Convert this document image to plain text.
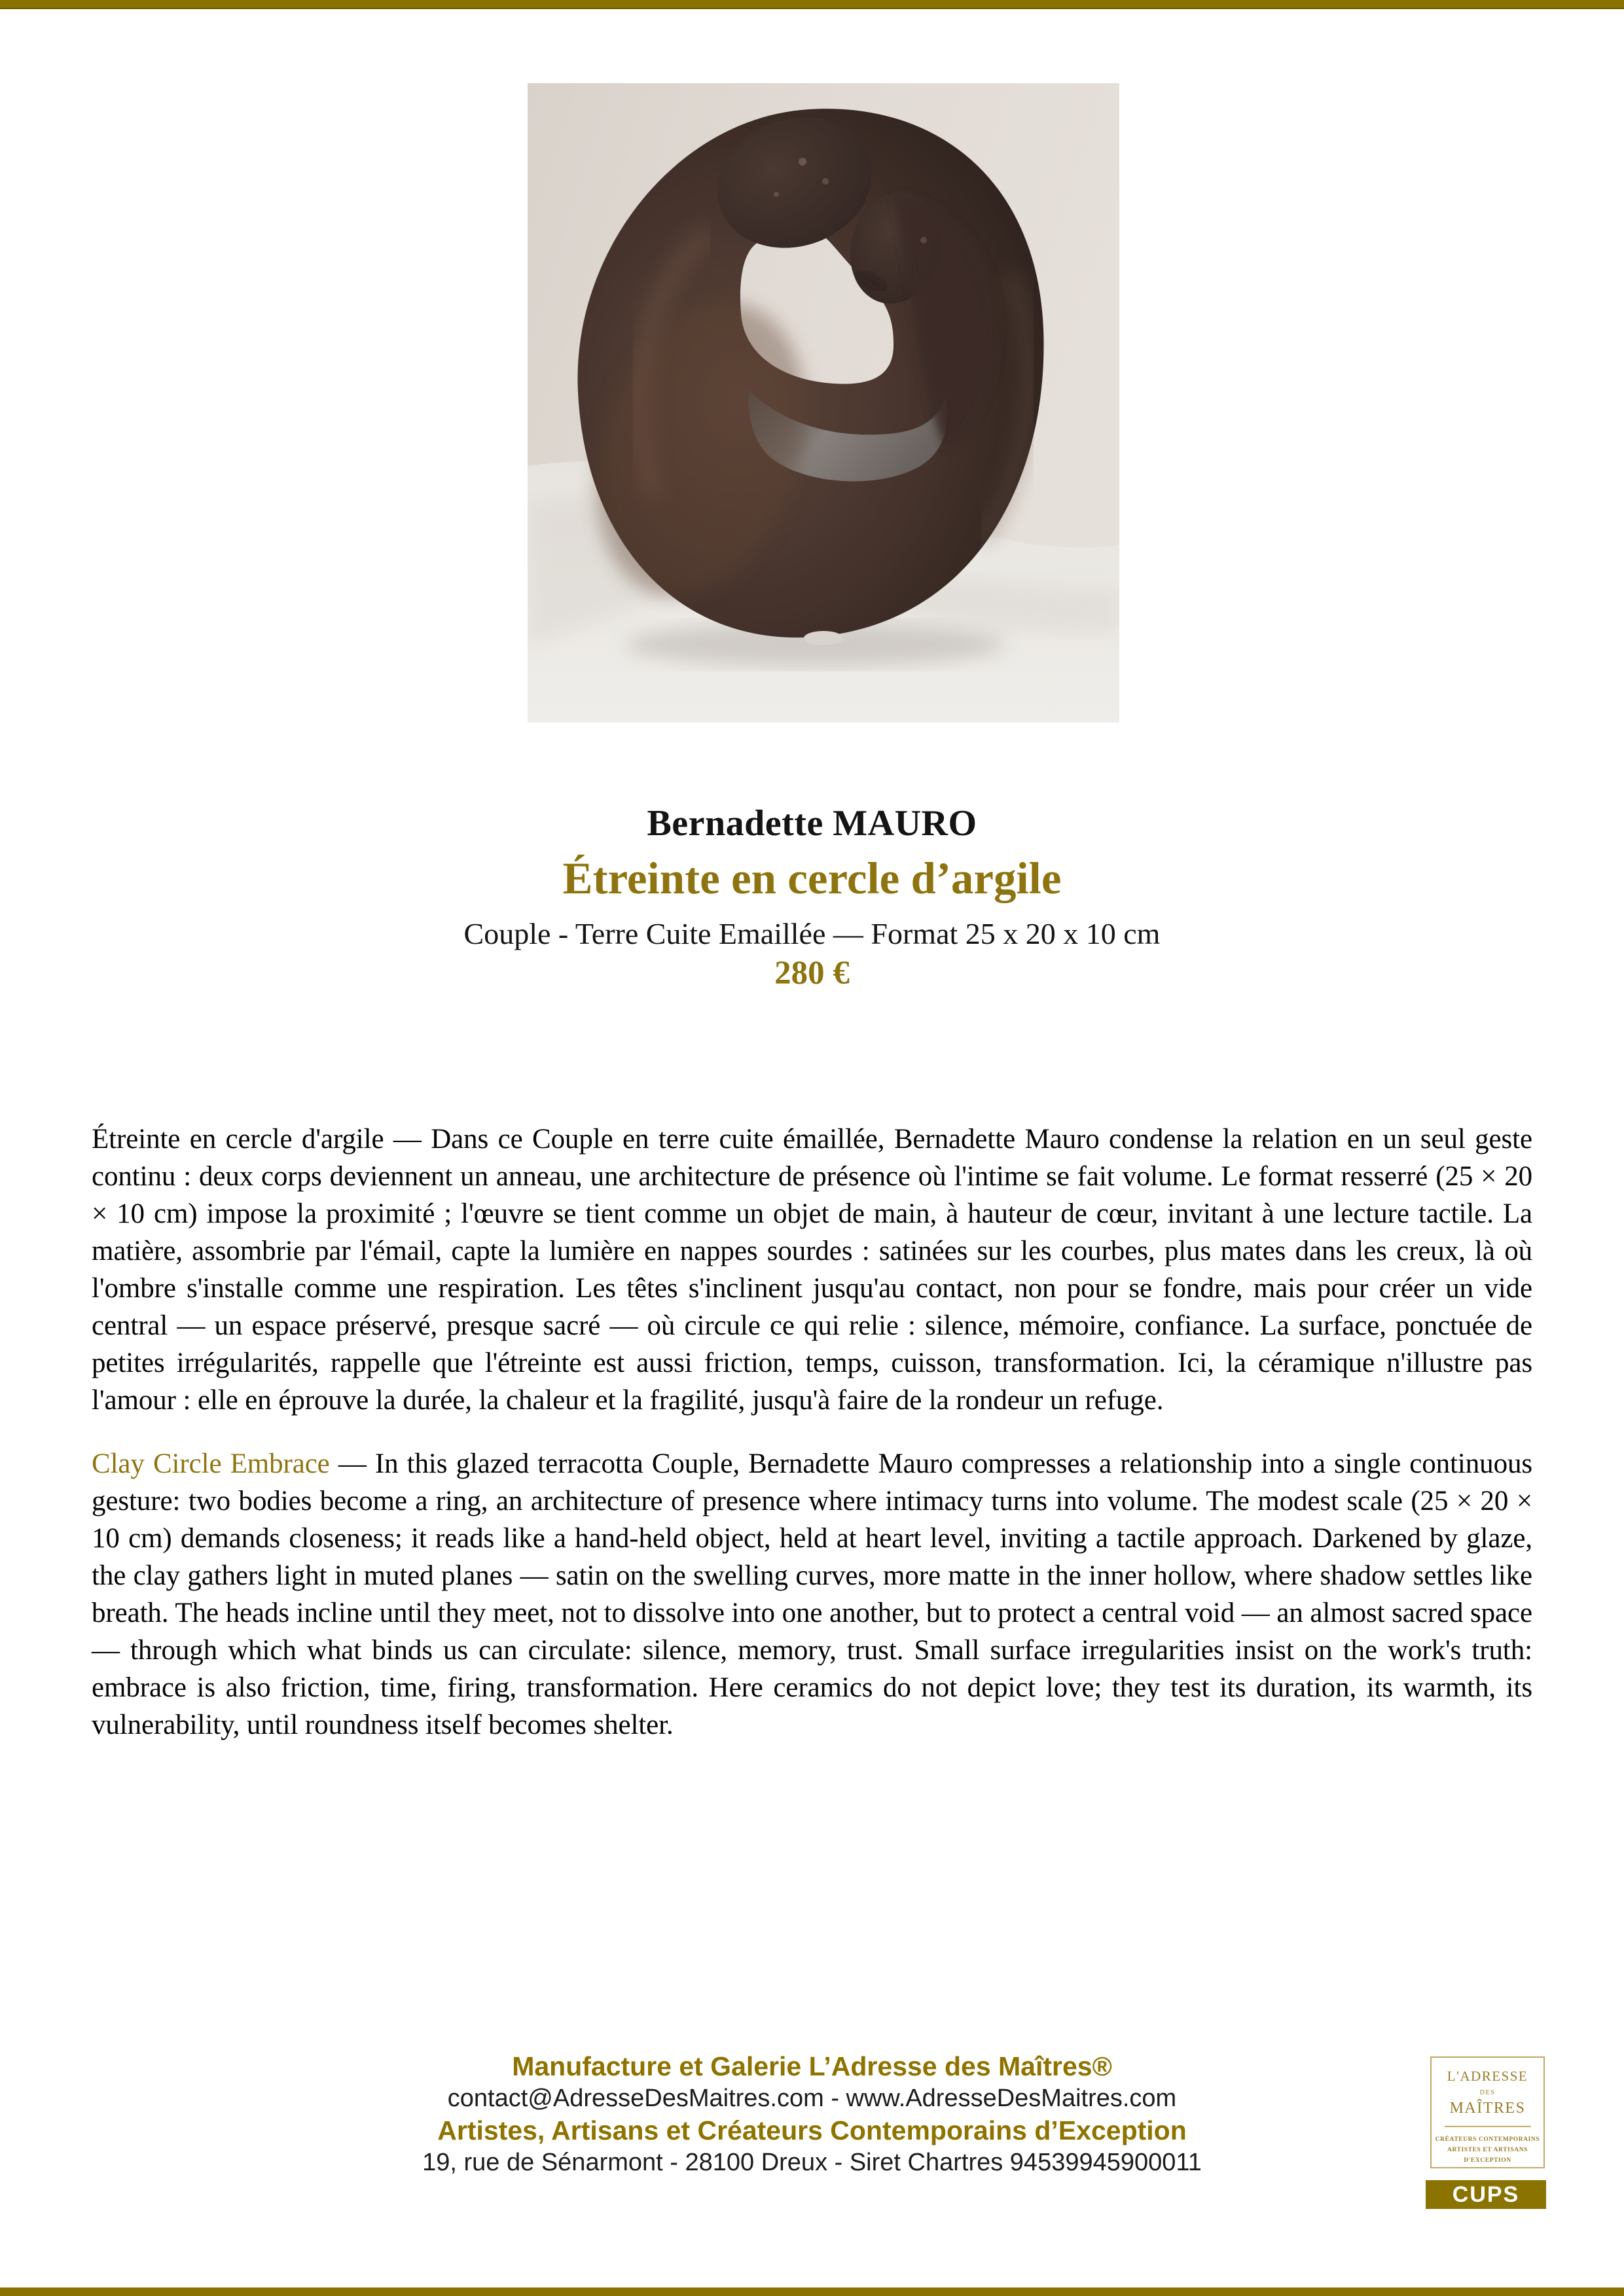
Bernadette MAURO
Étreinte en cercle d’argile
Couple - Terre Cuite Emaillée — Format 25 x 20 x 10 cm
280 €

Étreinte en cercle d'argile — Dans ce Couple en terre cuite émaillée, Bernadette Mauro condense la relation en un seul geste continu : deux corps deviennent un anneau, une architecture de présence où l'intime se fait volume. Le format resserré (25 × 20 × 10 cm) impose la proximité ; l'œuvre se tient comme un objet de main, à hauteur de cœur, invitant à une lecture tactile. La matière, assombrie par l'émail, capte la lumière en nappes sourdes : satinées sur les courbes, plus mates dans les creux, là où l'ombre s'installe comme une respiration. Les têtes s'inclinent jusqu'au contact, non pour se fondre, mais pour créer un vide central — un espace préservé, presque sacré — où circule ce qui relie : silence, mémoire, confiance. La surface, ponctuée de petites irrégularités, rappelle que l'étreinte est aussi friction, temps, cuisson, transformation. Ici, la céramique n'illustre pas l'amour : elle en éprouve la durée, la chaleur et la fragilité, jusqu'à faire de la rondeur un refuge.

Clay Circle Embrace — In this glazed terracotta Couple, Bernadette Mauro compresses a relationship into a single continuous gesture: two bodies become a ring, an architecture of presence where intimacy turns into volume. The modest scale (25 × 20 × 10 cm) demands closeness; it reads like a hand-held object, held at heart level, inviting a tactile approach. Darkened by glaze, the clay gathers light in muted planes — satin on the swelling curves, more matte in the inner hollow, where shadow settles like breath. The heads incline until they meet, not to dissolve into one another, but to protect a central void — an almost sacred space — through which what binds us can circulate: silence, memory, trust. Small surface irregularities insist on the work's truth: embrace is also friction, time, firing, transformation. Here ceramics do not depict love; they test its duration, its warmth, its vulnerability, until roundness itself becomes shelter.

Manufacture et Galerie L’Adresse des Maîtres®
contact@AdresseDesMaitres.com - www.AdresseDesMaitres.com
Artistes, Artisans et Créateurs Contemporains d’Exception
19, rue de Sénarmont - 28100 Dreux - Siret Chartres 94539945900011
L'ADRESSE
DES
MAÎTRES
CRÉATEURS CONTEMPORAINS
ARTISTES ET ARTISANS
D'EXCEPTION
CUPS
